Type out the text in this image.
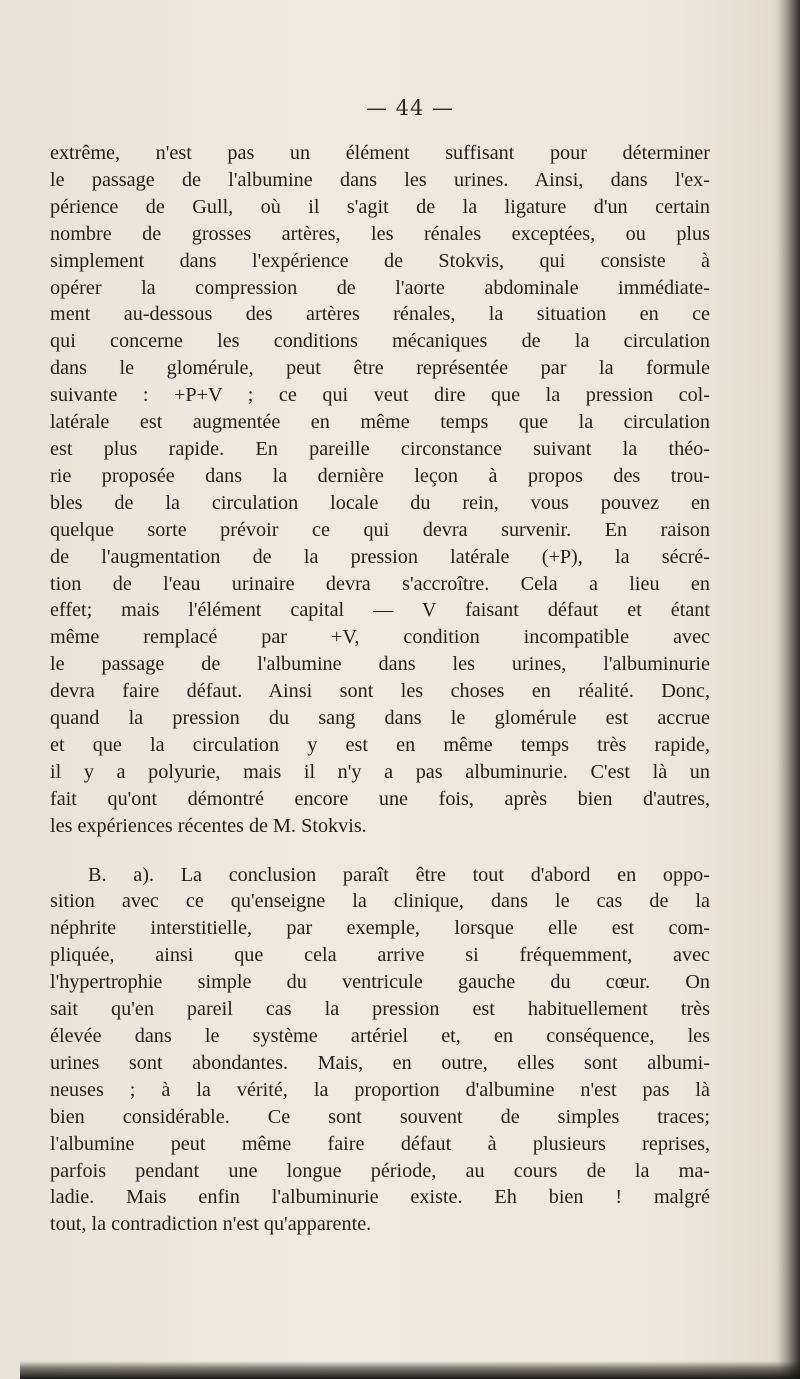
— 44 —
extrême, n'est pas un élément suffisant pour déterminer
le passage de l'albumine dans les urines. Ainsi, dans l'ex-
périence de Gull, où il s'agit de la ligature d'un certain
nombre de grosses artères, les rénales exceptées, ou plus
simplement dans l'expérience de Stokvis, qui consiste à
opérer la compression de l'aorte abdominale immédiate-
ment au-dessous des artères rénales, la situation en ce
qui concerne les conditions mécaniques de la circulation
dans le glomérule, peut être représentée par la formule
suivante : +P+V ; ce qui veut dire que la pression col-
latérale est augmentée en même temps que la circulation
est plus rapide. En pareille circonstance suivant la théo-
rie proposée dans la dernière leçon à propos des trou-
bles de la circulation locale du rein, vous pouvez en
quelque sorte prévoir ce qui devra survenir. En raison
de l'augmentation de la pression latérale (+P), la sécré-
tion de l'eau urinaire devra s'accroître. Cela a lieu en
effet; mais l'élément capital — V faisant défaut et étant
même remplacé par +V, condition incompatible avec
le passage de l'albumine dans les urines, l'albuminurie
devra faire défaut. Ainsi sont les choses en réalité. Donc,
quand la pression du sang dans le glomérule est accrue
et que la circulation y est en même temps très rapide,
il y a polyurie, mais il n'y a pas albuminurie. C'est là un
fait qu'ont démontré encore une fois, après bien d'autres,
les expériences récentes de M. Stokvis.
B. a). La conclusion paraît être tout d'abord en oppo-
sition avec ce qu'enseigne la clinique, dans le cas de la
néphrite interstitielle, par exemple, lorsque elle est com-
pliquée, ainsi que cela arrive si fréquemment, avec
l'hypertrophie simple du ventricule gauche du cœur. On
sait qu'en pareil cas la pression est habituellement très
élevée dans le système artériel et, en conséquence, les
urines sont abondantes. Mais, en outre, elles sont albumi-
neuses ; à la vérité, la proportion d'albumine n'est pas là
bien considérable. Ce sont souvent de simples traces;
l'albumine peut même faire défaut à plusieurs reprises,
parfois pendant une longue période, au cours de la ma-
ladie. Mais enfin l'albuminurie existe. Eh bien ! malgré
tout, la contradiction n'est qu'apparente.
